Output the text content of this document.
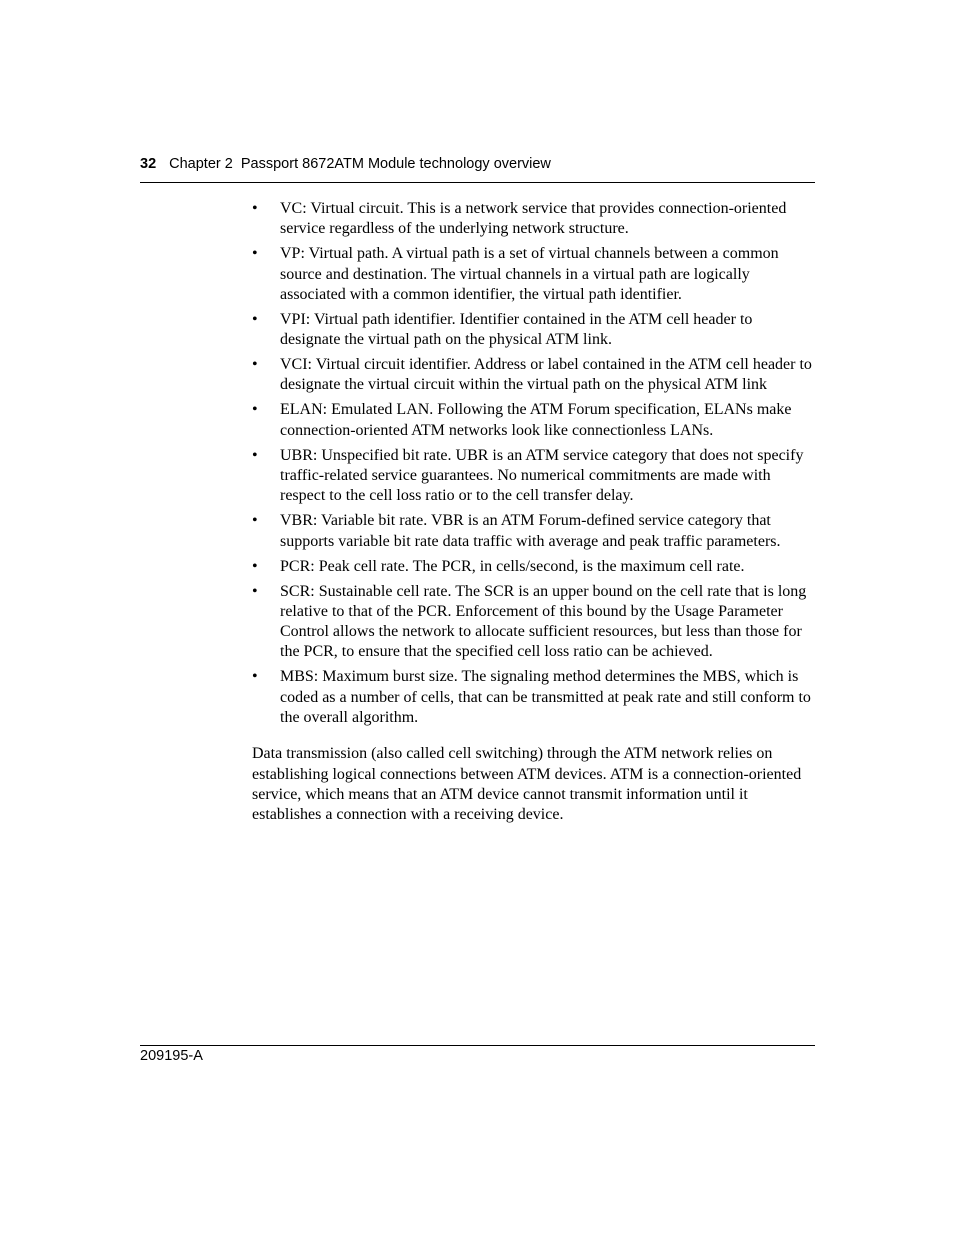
32 Chapter 2  Passport 8672ATM Module technology overview
• VC: Virtual circuit. This is a network service that provides connection-oriented service regardless of the underlying network structure.
• VP: Virtual path. A virtual path is a set of virtual channels between a common source and destination. The virtual channels in a virtual path are logically associated with a common identifier, the virtual path identifier.
• VPI: Virtual path identifier. Identifier contained in the ATM cell header to designate the virtual path on the physical ATM link.
• VCI: Virtual circuit identifier. Address or label contained in the ATM cell header to designate the virtual circuit within the virtual path on the physical ATM link
• ELAN: Emulated LAN. Following the ATM Forum specification, ELANs make connection-oriented ATM networks look like connectionless LANs.
• UBR: Unspecified bit rate. UBR is an ATM service category that does not specify traffic-related service guarantees. No numerical commitments are made with respect to the cell loss ratio or to the cell transfer delay.
• VBR: Variable bit rate. VBR is an ATM Forum-defined service category that supports variable bit rate data traffic with average and peak traffic parameters.
• PCR: Peak cell rate. The PCR, in cells/second, is the maximum cell rate.
• SCR: Sustainable cell rate. The SCR is an upper bound on the cell rate that is long relative to that of the PCR. Enforcement of this bound by the Usage Parameter Control allows the network to allocate sufficient resources, but less than those for the PCR, to ensure that the specified cell loss ratio can be achieved.
• MBS: Maximum burst size. The signaling method determines the MBS, which is coded as a number of cells, that can be transmitted at peak rate and still conform to the overall algorithm.

Data transmission (also called cell switching) through the ATM network relies on establishing logical connections between ATM devices. ATM is a connection-oriented service, which means that an ATM device cannot transmit information until it establishes a connection with a receiving device.

209195-A
